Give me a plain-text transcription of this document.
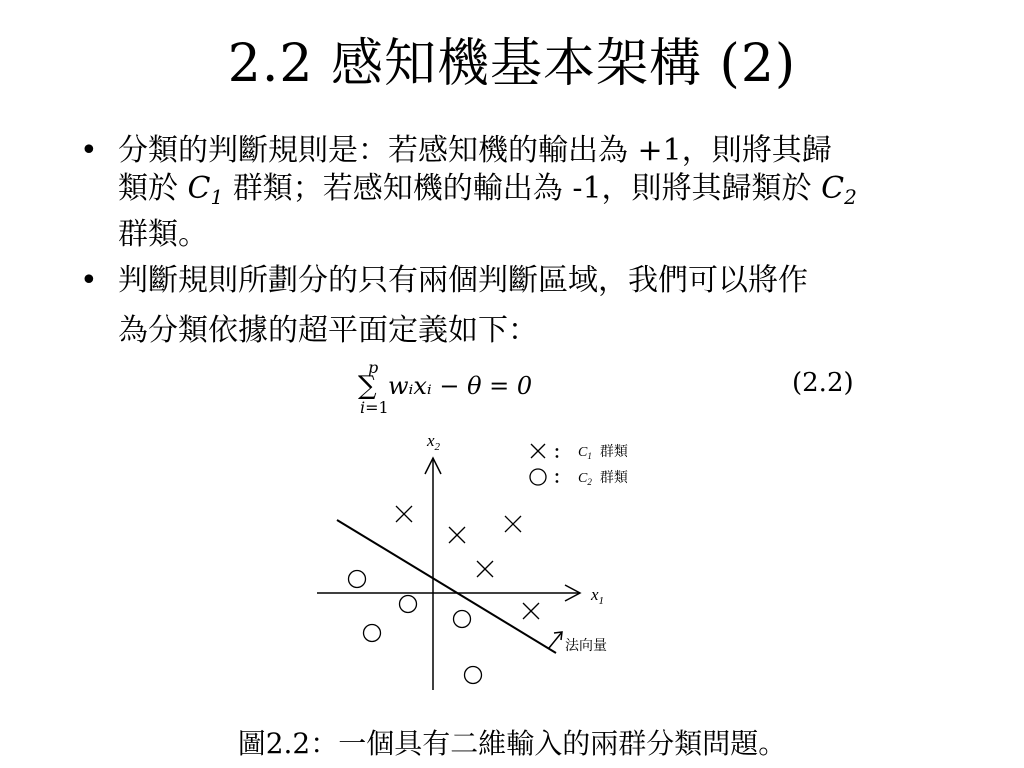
2.2 感知機基本架構 (2)
• 分類的判斷規則是：若感知機的輸出為 +1，則將其歸
類於 $C_1$ 群類；若感知機的輸出為 -1，則將其歸類於 $C_2$
群類。
• 判斷規則所劃分的只有兩個判斷區域，我們可以將作
為分類依據的超平面定義如下：
p
∑
i=1
wᵢxᵢ − θ = 0	(2.2)
$x_2$
$x_1$
： $C_1$ 群類
： $C_2$ 群類
法向量
圖2.2：一個具有二維輸入的兩群分類問題。
